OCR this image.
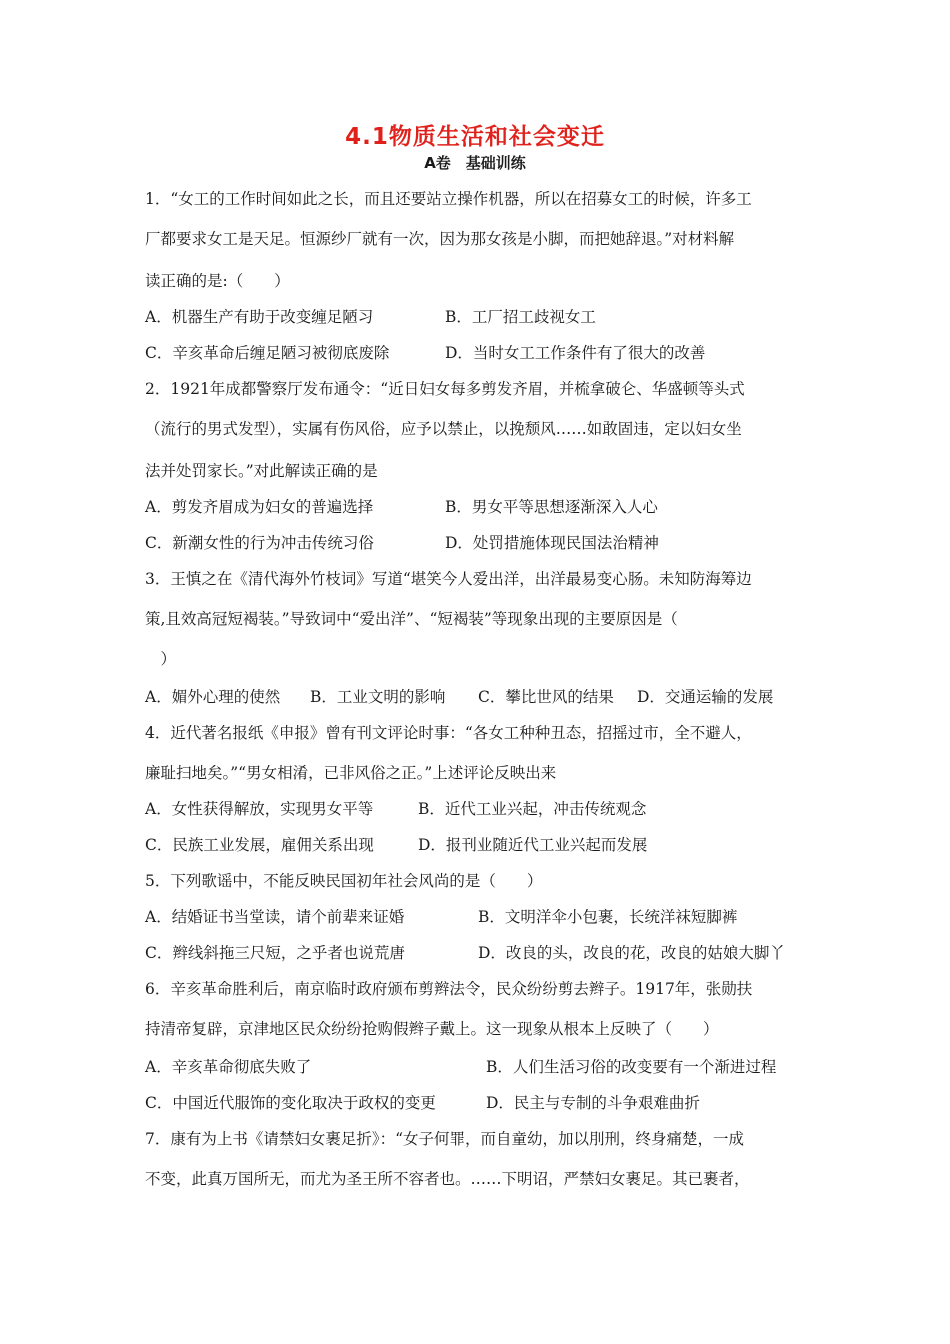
4.1物质生活和社会变迁
A卷　基础训练
1．“女工的工作时间如此之长，而且还要站立操作机器，所以在招募女工的时候，许多工
厂都要求女工是天足。恒源纱厂就有一次，因为那女孩是小脚，而把她辞退。”对材料解
读正确的是:（　　）
A．机器生产有助于改变缠足陋习	B．工厂招工歧视女工
C．辛亥革命后缠足陋习被彻底废除	D．当时女工工作条件有了很大的改善
2．1921年成都警察厅发布通令：“近日妇女每多剪发齐眉，并梳拿破仑、华盛顿等头式
（流行的男式发型），实属有伤风俗，应予以禁止，以挽颓风……如敢固违，定以妇女坐
法并处罚家长。”对此解读正确的是
A．剪发齐眉成为妇女的普遍选择	B．男女平等思想逐渐深入人心
C．新潮女性的行为冲击传统习俗	D．处罚措施体现民国法治精神
3．王慎之在《清代海外竹枝词》写道“堪笑今人爱出洋，出洋最易变心肠。未知防海筹边
策,且效高冠短褐装。”导致词中“爱出洋”、“短褐装”等现象出现的主要原因是（
　）
A．媚外心理的使然 B．工业文明的影响 C．攀比世风的结果 D．交通运输的发展
4．近代著名报纸《申报》曾有刊文评论时事：“各女工种种丑态，招摇过市，全不避人，
廉耻扫地矣。”“男女相淆，已非风俗之正。”上述评论反映出来
A．女性获得解放，实现男女平等	B．近代工业兴起，冲击传统观念
C．民族工业发展，雇佣关系出现	D．报刊业随近代工业兴起而发展
5．下列歌谣中，不能反映民国初年社会风尚的是（　　）
A．结婚证书当堂读，请个前辈来证婚	B．文明洋伞小包裹，长统洋袜短脚裤
C．辫线斜拖三尺短，之乎者也说荒唐	D．改良的头，改良的花，改良的姑娘大脚丫
6．辛亥革命胜利后，南京临时政府颁布剪辫法令，民众纷纷剪去辫子。1917年，张勋扶
持清帝复辟，京津地区民众纷纷抢购假辫子戴上。这一现象从根本上反映了（　　）
A．辛亥革命彻底失败了	B．人们生活习俗的改变要有一个渐进过程
C．中国近代服饰的变化取决于政权的变更	D．民主与专制的斗争艰难曲折
7．康有为上书《请禁妇女裹足折》：“女子何罪，而自童幼，加以刖刑，终身痛楚，一成
不变，此真万国所无，而尤为圣王所不容者也。……下明诏，严禁妇女裹足。其已裹者，
